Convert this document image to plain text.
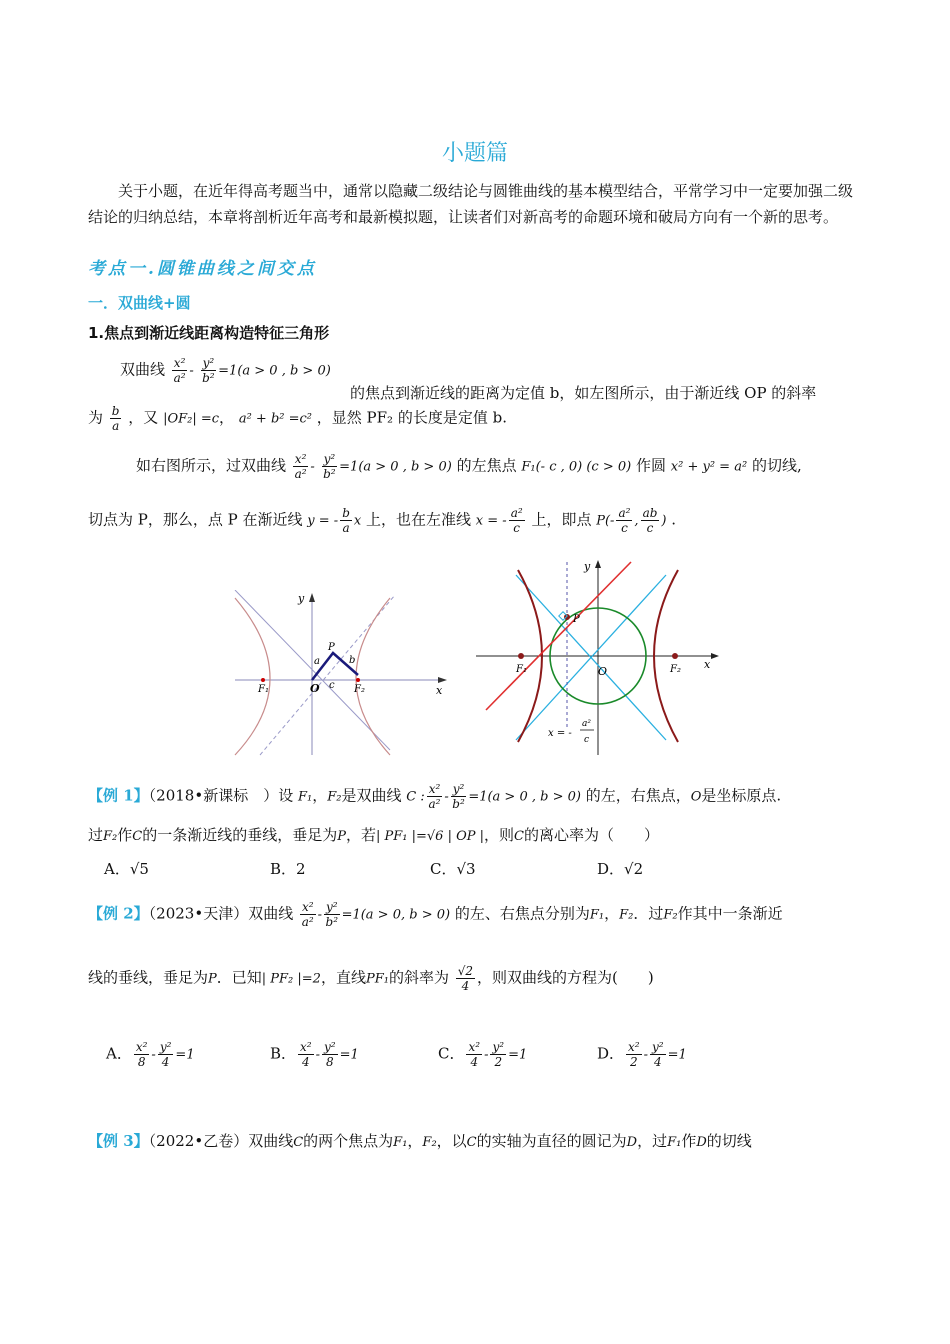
小题篇
关于小题，在近年得高考题当中，通常以隐藏二级结论与圆锥曲线的基本模型结合，平常学习中一定要加强二级结论的归纳总结，本章将剖析近年高考和最新模拟题，让读者们对新高考的命题环境和破局方向有一个新的思考。
考点一.圆锥曲线之间交点
一．双曲线+圆
1.焦点到渐近线距离构造特征三角形
双曲线 $\frac{\text{x²}}{\text{a²}} - \frac{\text{y²}}{\text{b²}} =1(a > 0$ , b > 0)
的焦点到渐近线的距离为定值 b，如左图所示，由于渐近线 OP 的斜率
为 $\frac{b}{a}$ ，又 |OF₂| =c， a² + b² =c² ，显然 PF₂ 的长度是定值 b.
如右图所示，过双曲线 $\frac{\text{x²}}{\text{a²}} - \frac{\text{y²}}{\text{b²}} =1(a > 0$ , b > 0) 的左焦点 F₁(- c , 0) (c > 0) 作圆 x² + y² = a² 的切线,
切点为 P，那么，点 P 在渐近线 y = - $\frac{b}{a}$ x 上，也在左准线 x = - $\frac{\text{a²}}{c}$ 上，即点 $P(- \frac{\text{a²}}{c}$ , $\frac{ab}{c}$ ) .
y
x
O
F₁	F₂
P
a	b
c
y
x
O
F₁	F₂
P
x = -
a²
c
【例 1】（2018•新课标　）设 F₁，F₂是双曲线 C : $\frac{\text{x²}}{\text{a²}} - \frac{\text{y²}}{\text{b²}} =1(a > 0$ , b > 0) 的左，右焦点，O是坐标原点.
过F₂作C的一条渐近线的垂线，垂足为P，若| PF₁ |=√6 | OP |，则C的离心率为（　　）
A．√5	B．2	C．√3	D．√2
【例 2】（2023•天津）双曲线 $\frac{\text{x²}}{\text{a²}} - \frac{\text{y²}}{\text{b²}} =1(a > 0$, b > 0) 的左、右焦点分别为F₁，F₂．过F₂作其中一条渐近
线的垂线，垂足为P．已知| PF₂ |=2，直线PF₁的斜率为 $\frac{√2}{4}$ ，则双曲线的方程为(　　)
A． $\frac{\text{x²}}{8} - \frac{\text{y²}}{4} =1$	B． $\frac{\text{x²}}{4} - \frac{\text{y²}}{8} =1$	C． $\frac{\text{x²}}{4} - \frac{\text{y²}}{2} =1$	D． $\frac{\text{x²}}{2} - \frac{\text{y²}}{4} =1$
【例 3】（2022•乙卷）双曲线C的两个焦点为F₁，F₂，以C的实轴为直径的圆记为D，过F₁作D的切线
